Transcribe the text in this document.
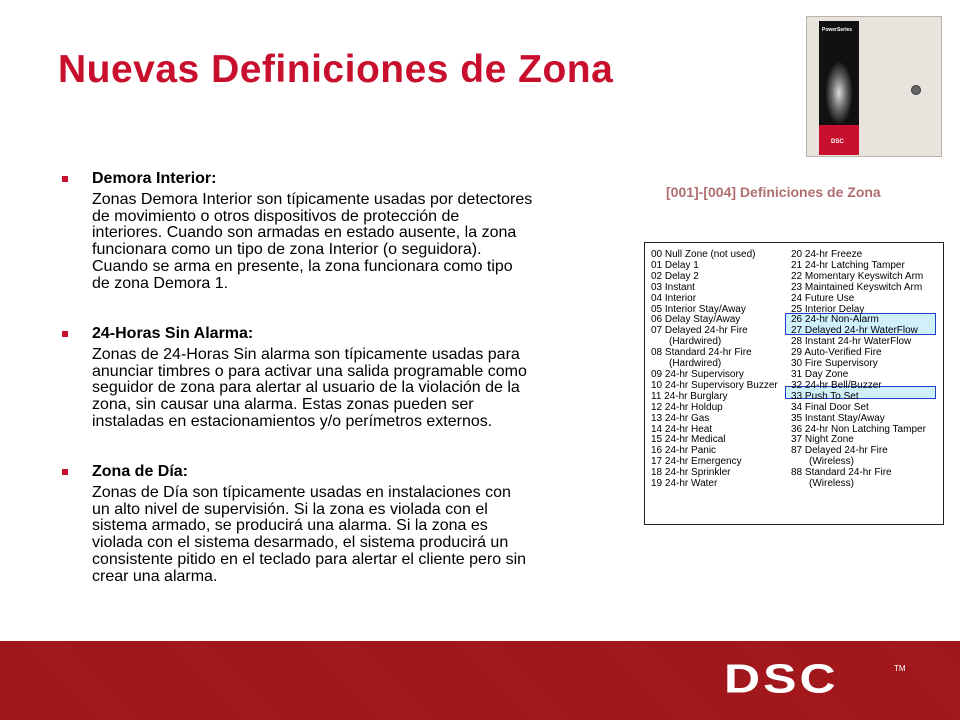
Nuevas Definiciones de Zona
PowerSeries
DSC
Demora Interior:
Zonas Demora Interior son típicamente usadas por detectores
de movimiento o otros dispositivos de protección de
interiores. Cuando son armadas en estado ausente, la zona
funcionara como un tipo de zona Interior (o seguidora).
Cuando se arma en presente, la zona funcionara como tipo
de zona Demora 1.
24-Horas Sin Alarma:
Zonas de 24-Horas Sin alarma son típicamente usadas para
anunciar timbres o para activar una salida programable como
seguidor de zona para alertar al usuario de la violación de la
zona, sin causar una alarma. Estas zonas pueden ser
instaladas en estacionamientos y/o perímetros externos.
Zona de Día:
Zonas de Día son típicamente usadas en instalaciones con
un alto nivel de supervisión. Si la zona es violada con el
sistema armado, se producirá una alarma. Si la zona es
violada con el sistema desarmado, el sistema producirá un
consistente pitido en el teclado para alertar el cliente pero sin
crear una alarma.
[001]-[004] Definiciones de Zona
00 Null Zone (not used)
01 Delay 1
02 Delay 2
03 Instant
04 Interior
05 Interior Stay/Away
06 Delay Stay/Away
07 Delayed 24-hr Fire
(Hardwired)
08 Standard 24-hr Fire
(Hardwired)
09 24-hr Supervisory
10 24-hr Supervisory Buzzer
11 24-hr Burglary
12 24-hr Holdup
13 24-hr Gas
14 24-hr Heat
15 24-hr Medical
16 24-hr Panic
17 24-hr Emergency
18 24-hr Sprinkler
19 24-hr Water
20 24-hr Freeze
21 24-hr Latching Tamper
22 Momentary Keyswitch Arm
23 Maintained Keyswitch Arm
24 Future Use
25 Interior Delay
26 24-hr Non-Alarm
27 Delayed 24-hr WaterFlow
28 Instant 24-hr WaterFlow
29 Auto-Verified Fire
30 Fire Supervisory
31 Day Zone
32 24-hr Bell/Buzzer
33 Push To Set
34 Final Door Set
35 Instant Stay/Away
36 24-hr Non Latching Tamper
37 Night Zone
87 Delayed 24-hr Fire
(Wireless)
88 Standard 24-hr Fire
(Wireless)
DSC	TM
